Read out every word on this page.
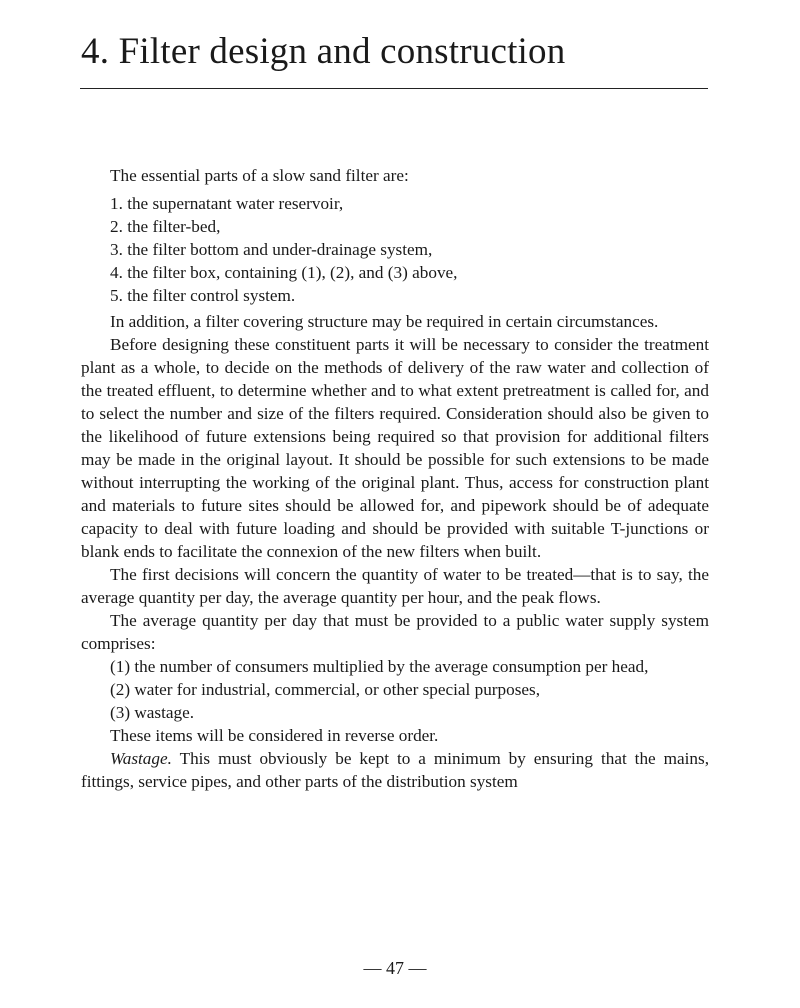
4. Filter design and construction

The essential parts of a slow sand filter are:

1. the supernatant water reservoir,
2. the filter-bed,
3. the filter bottom and under-drainage system,
4. the filter box, containing (1), (2), and (3) above,
5. the filter control system.

In addition, a filter covering structure may be required in certain circumstances.

Before designing these constituent parts it will be necessary to consider the treatment plant as a whole, to decide on the methods of delivery of the raw water and collection of the treated effluent, to determine whether and to what extent pretreatment is called for, and to select the number and size of the filters required. Consideration should also be given to the likelihood of future extensions being required so that provision for additional filters may be made in the original layout. It should be possible for such extensions to be made without interrupting the working of the original plant. Thus, access for construction plant and materials to future sites should be allowed for, and pipework should be of adequate capacity to deal with future loading and should be provided with suitable T-junctions or blank ends to facilitate the connexion of the new filters when built.

The first decisions will concern the quantity of water to be treated—that is to say, the average quantity per day, the average quantity per hour, and the peak flows.

The average quantity per day that must be provided to a public water supply system comprises:

(1) the number of consumers multiplied by the average consumption per head,

(2) water for industrial, commercial, or other special purposes,

(3) wastage.

These items will be considered in reverse order.

Wastage. This must obviously be kept to a minimum by ensuring that the mains, fittings, service pipes, and other parts of the distribution system

— 47 —
